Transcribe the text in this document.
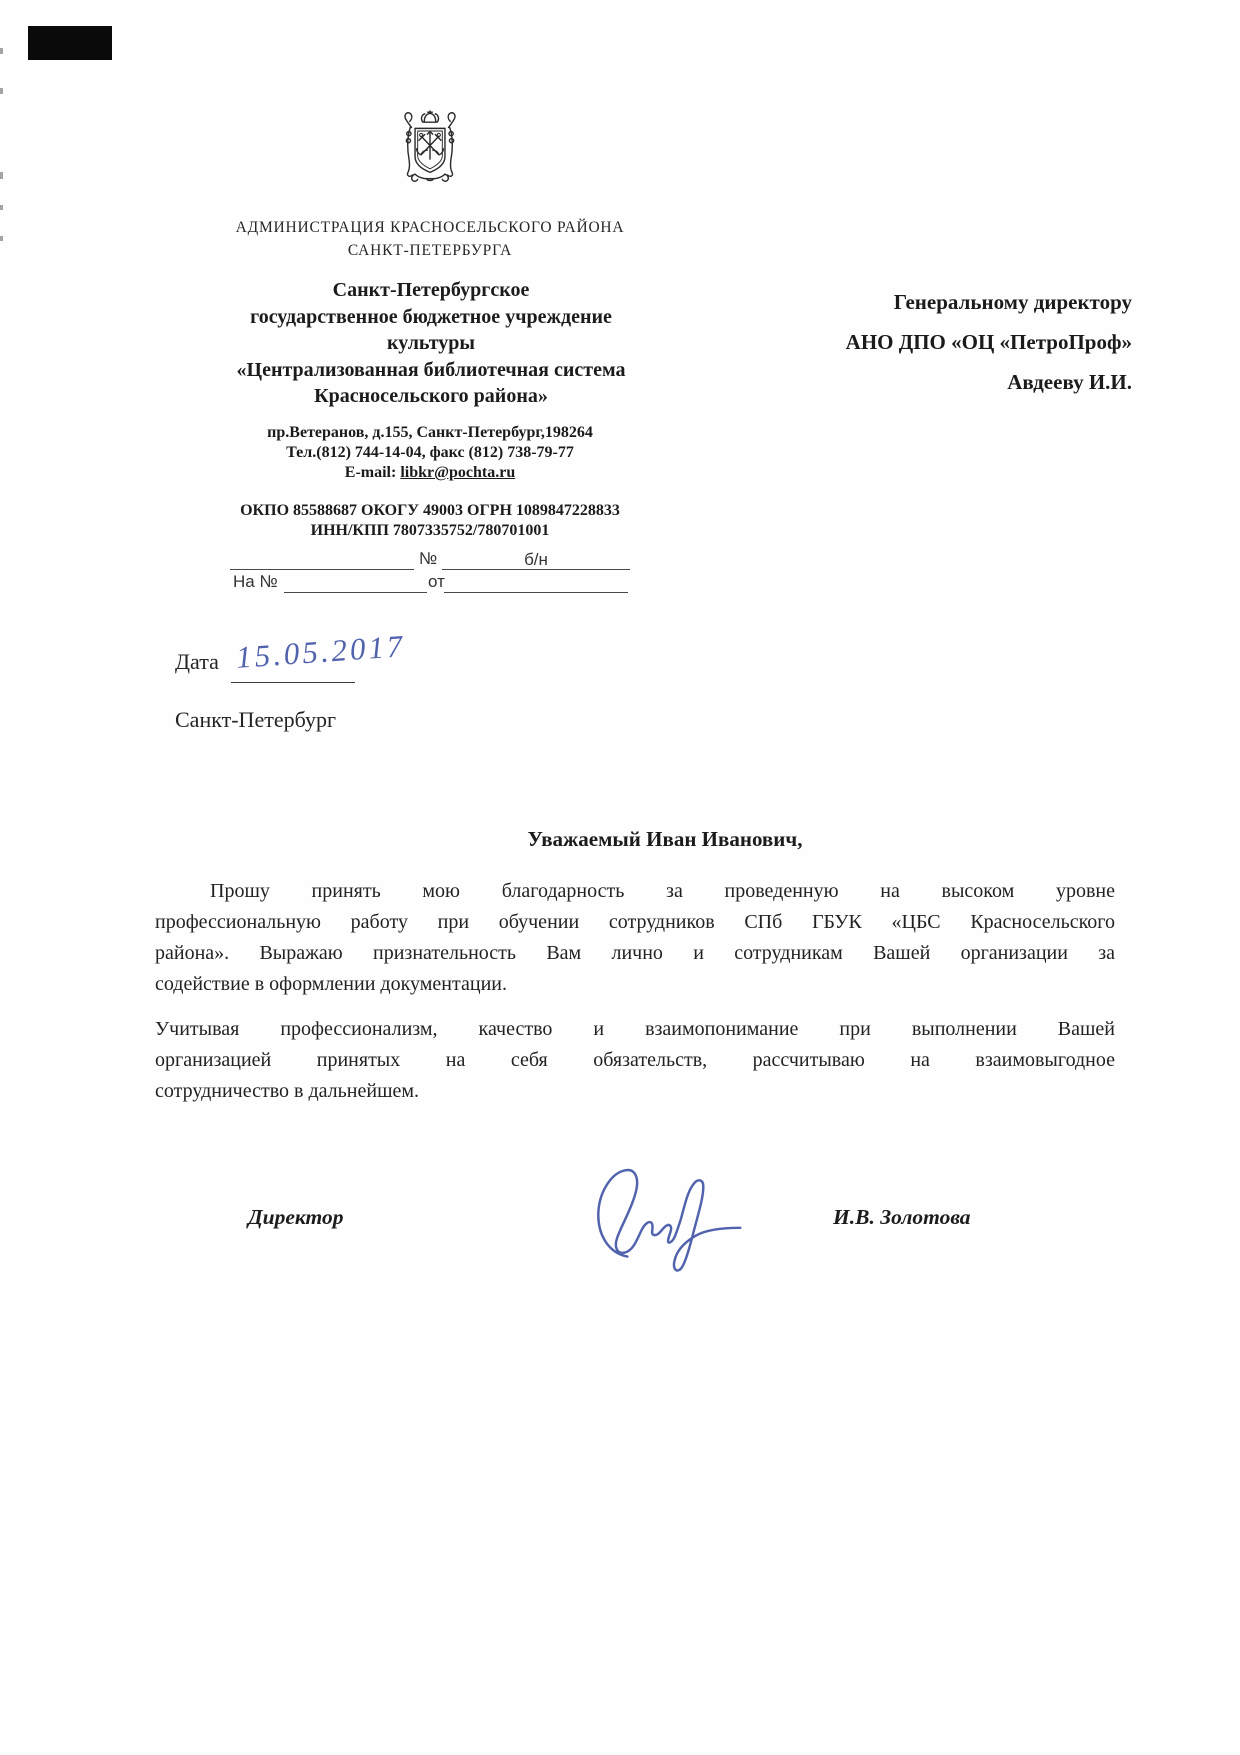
АДМИНИСТРАЦИЯ КРАСНОСЕЛЬСКОГО РАЙОНА
САНКТ-ПЕТЕРБУРГА
Санкт-Петербургское
государственное бюджетное учреждение
культуры
«Централизованная библиотечная система
Красносельского района»
Генеральному директору
АНО ДПО «ОЦ «ПетроПроф»
Авдееву И.И.
пр.Ветеранов, д.155, Санкт-Петербург,198264
Тел.(812) 744-14-04, факс (812) 738-79-77
E-mail: libkr@pochta.ru
ОКПО 85588687 ОКОГУ 49003 ОГРН 1089847228833
ИНН/КПП 7807335752/780701001
№	б/н
На №	от
Дата 15.05.2017
Санкт-Петербург
Уважаемый Иван Иванович,
Прошу принять мою благодарность за проведенную на высоком уровне
профессиональную работу при обучении сотрудников СПб ГБУК «ЦБС Красносельского
района». Выражаю признательность Вам лично и сотрудникам Вашей организации за
содействие в оформлении документации.
Учитывая профессионализм, качество и взаимопонимание при выполнении Вашей
организацией принятых на себя обязательств, рассчитываю на взаимовыгодное
сотрудничество в дальнейшем.
Директор	И.В. Золотова
